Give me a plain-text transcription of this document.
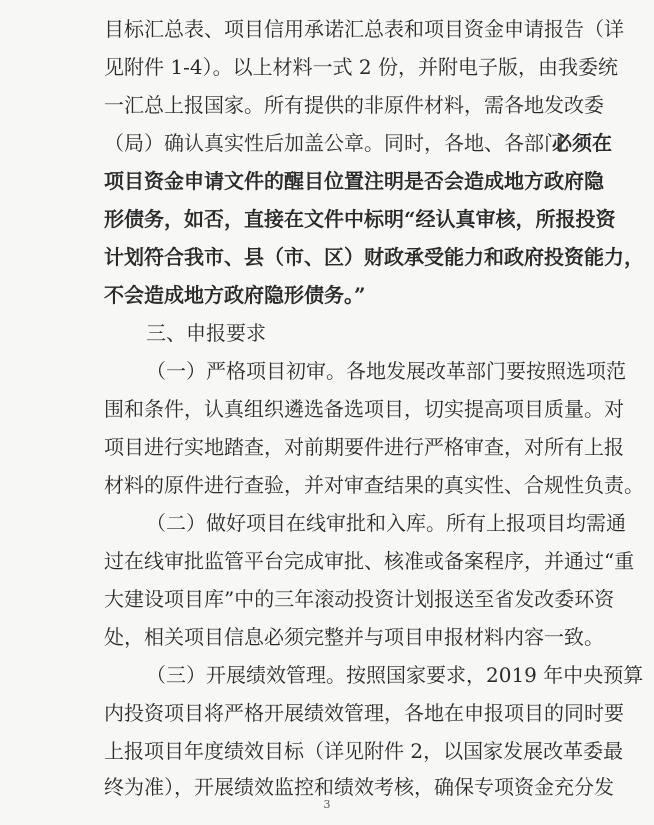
目标汇总表、项目信用承诺汇总表和项目资金申请报告（详
见附件 1-4）。以上材料一式 2 份，并附电子版，由我委统
一汇总上报国家。所有提供的非原件材料，需各地发改委
（局）确认真实性后加盖公章。同时，各地、各部门必须在
项目资金申请文件的醒目位置注明是否会造成地方政府隐
形债务，如否，直接在文件中标明“经认真审核，所报投资
计划符合我市、县（市、区）财政承受能力和政府投资能力，
不会造成地方政府隐形债务。”
三、申报要求
（一）严格项目初审。各地发展改革部门要按照选项范
围和条件，认真组织遴选备选项目，切实提高项目质量。对
项目进行实地踏查，对前期要件进行严格审查，对所有上报
材料的原件进行查验，并对审查结果的真实性、合规性负责。
（二）做好项目在线审批和入库。所有上报项目均需通
过在线审批监管平台完成审批、核准或备案程序，并通过“重
大建设项目库”中的三年滚动投资计划报送至省发改委环资
处，相关项目信息必须完整并与项目申报材料内容一致。
（三）开展绩效管理。按照国家要求，2019 年中央预算
内投资项目将严格开展绩效管理，各地在申报项目的同时要
上报项目年度绩效目标（详见附件 2，以国家发展改革委最
终为准），开展绩效监控和绩效考核，确保专项资金充分发
3
